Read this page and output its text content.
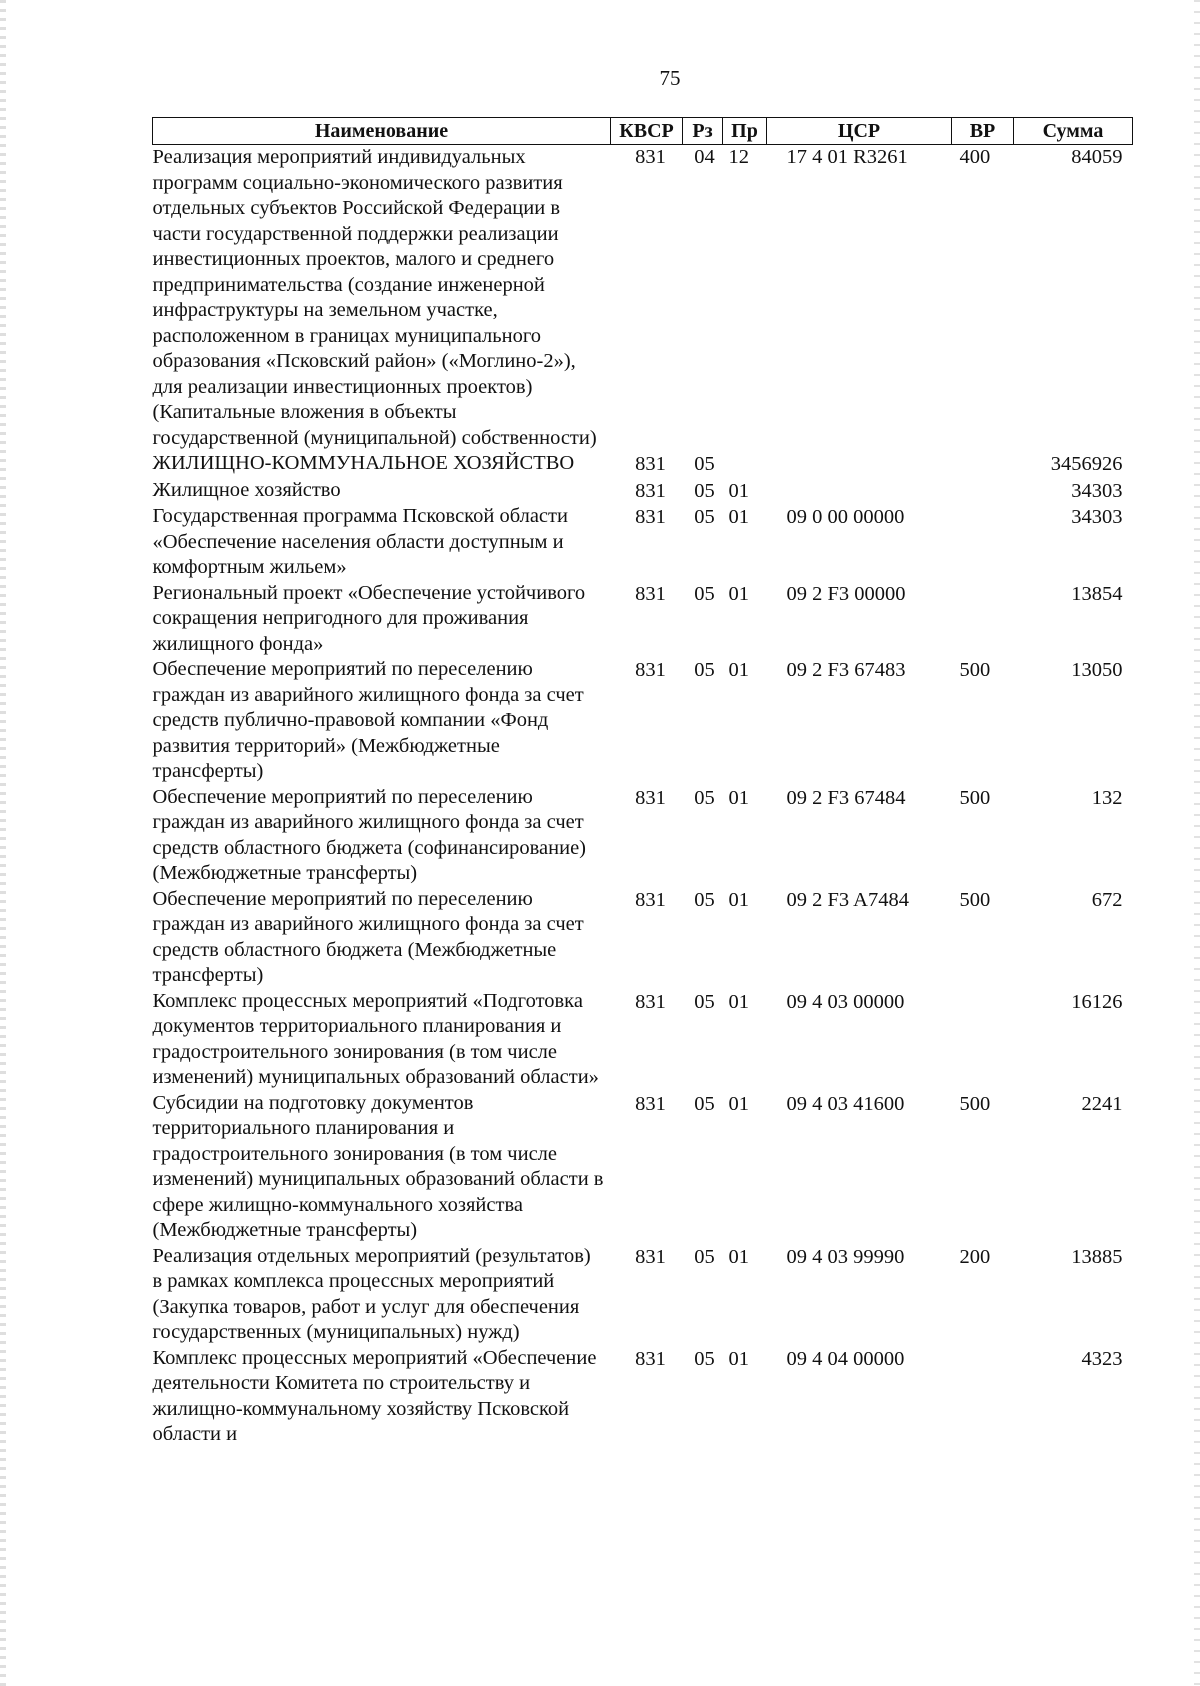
75
Наименование	КВСР	Рз	Пр	ЦСР	ВР	Сумма
Реализация мероприятий индивидуальных программ социально-экономического развития отдельных субъектов Российской Федерации в части государственной поддержки реализации инвестиционных проектов, малого и среднего предпринимательства (создание инженерной инфраструктуры на земельном участке, расположенном в границах муниципального образования «Псковский район» («Моглино-2»), для реализации инвестиционных проектов) (Капитальные вложения в объекты государственной (муниципальной) собственности)	831	04	12	17 4 01 R3261	400	84059
ЖИЛИЩНО-КОММУНАЛЬНОЕ ХОЗЯЙСТВО	831	05				3456926
Жилищное хозяйство	831	05	01			34303
Государственная программа Псковской области «Обеспечение населения области доступным и комфортным жильем»	831	05	01	09 0 00 00000		34303
Региональный проект «Обеспечение устойчивого сокращения непригодного для проживания жилищного фонда»	831	05	01	09 2 F3 00000		13854
Обеспечение мероприятий по переселению граждан из аварийного жилищного фонда за счет средств публично-правовой компании «Фонд развития территорий» (Межбюджетные трансферты)	831	05	01	09 2 F3 67483	500	13050
Обеспечение мероприятий по переселению граждан из аварийного жилищного фонда за счет средств областного бюджета (софинансирование) (Межбюджетные трансферты)	831	05	01	09 2 F3 67484	500	132
Обеспечение мероприятий по переселению граждан из аварийного жилищного фонда за счет средств областного бюджета (Межбюджетные трансферты)	831	05	01	09 2 F3 A7484	500	672
Комплекс процессных мероприятий «Подготовка документов территориального планирования и градостроительного зонирования (в том числе изменений) муниципальных образований области»	831	05	01	09 4 03 00000		16126
Субсидии на подготовку документов территориального планирования и градостроительного зонирования (в том числе изменений) муниципальных образований области в сфере жилищно-коммунального хозяйства (Межбюджетные трансферты)	831	05	01	09 4 03 41600	500	2241
Реализация отдельных мероприятий (результатов) в рамках комплекса процессных мероприятий (Закупка товаров, работ и услуг для обеспечения государственных (муниципальных) нужд)	831	05	01	09 4 03 99990	200	13885
Комплекс процессных мероприятий «Обеспечение деятельности Комитета по строительству и жилищно-коммунальному хозяйству Псковской области и	831	05	01	09 4 04 00000		4323
